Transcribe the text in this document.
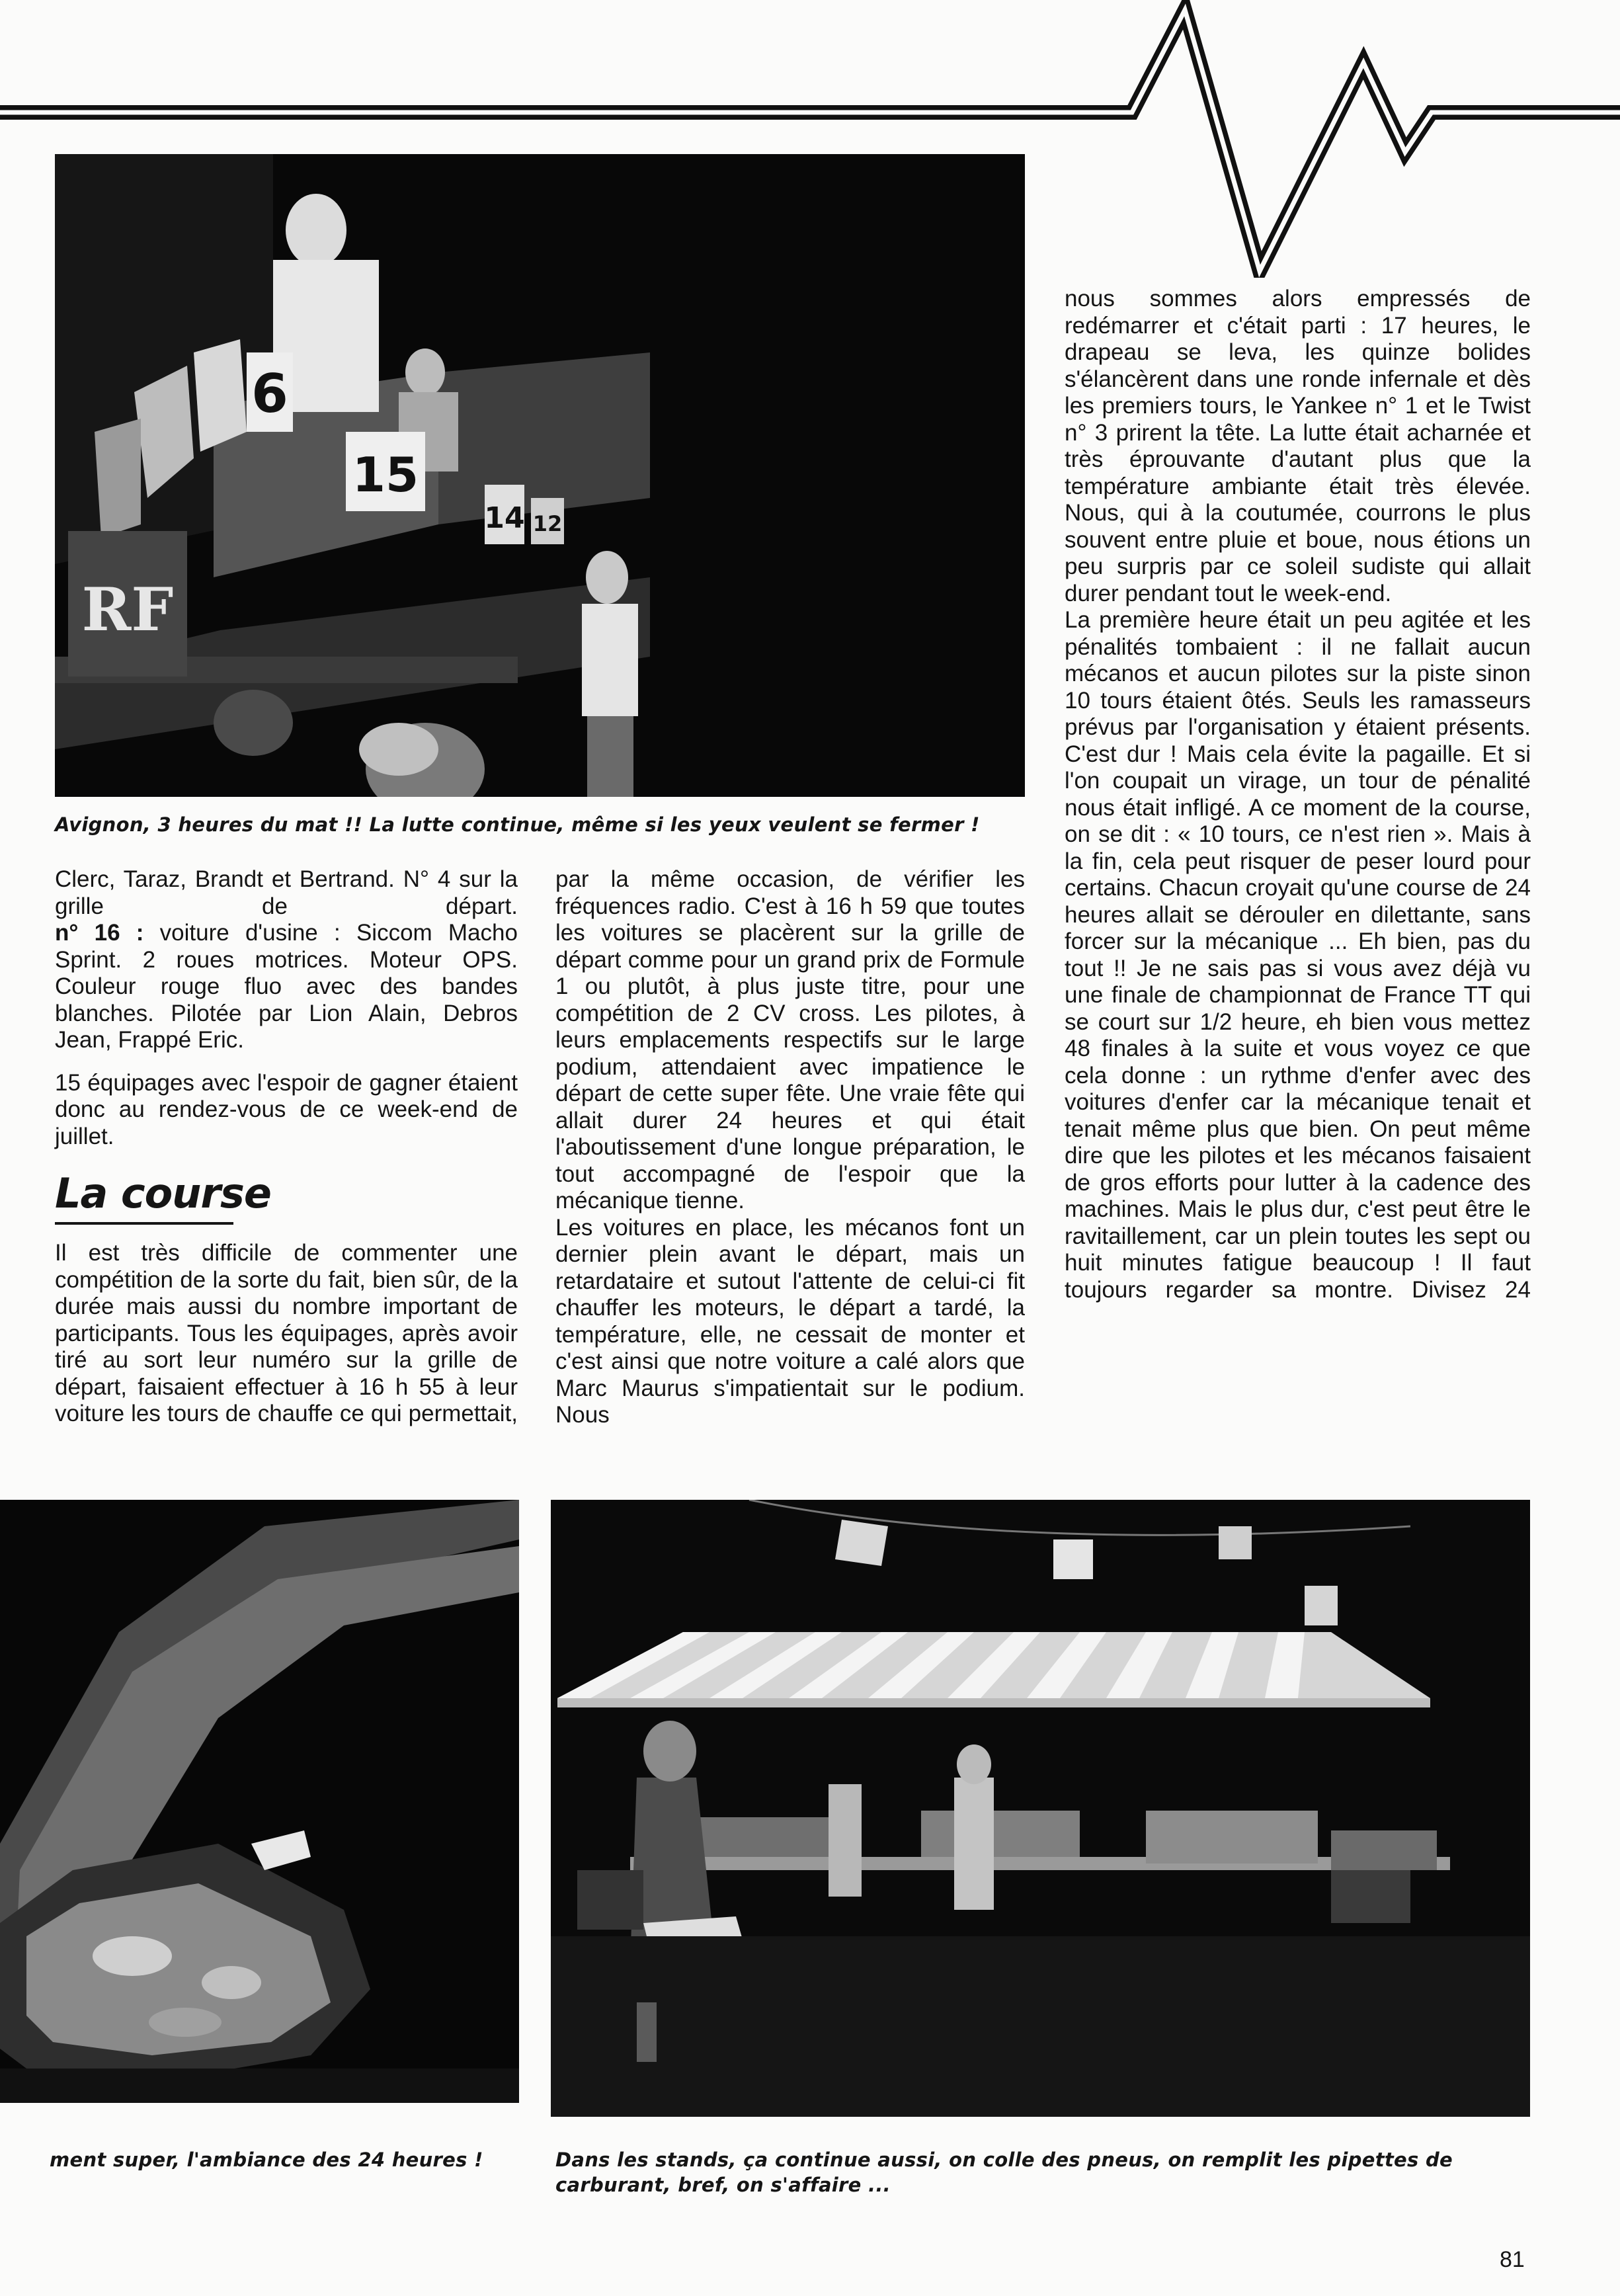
RF
6
15
14 12
Avignon, 3 heures du mat !! La lutte continue, même si les yeux veulent se fermer !

Clerc, Taraz, Brandt et Bertrand. N° 4 sur la grille de départ.

n° 16 : voiture d'usine : Siccom Macho Sprint. 2 roues motrices. Moteur OPS. Couleur rouge fluo avec des bandes blanches. Pilotée par Lion Alain, Debros Jean, Frappé Eric.

15 équipages avec l'espoir de gagner étaient donc au rendez-vous de ce week-end de juillet.

La course

Il est très difficile de commenter une compétition de la sorte du fait, bien sûr, de la durée mais aussi du nombre important de participants. Tous les équipages, après avoir tiré au sort leur numéro sur la grille de départ, faisaient effectuer à 16 h 55 à leur voiture les tours de chauffe ce qui permettait,

par la même occasion, de vérifier les fréquences radio. C'est à 16 h 59 que toutes les voitures se placèrent sur la grille de départ comme pour un grand prix de Formule 1 ou plutôt, à plus juste titre, pour une compétition de 2 CV cross. Les pilotes, à leurs emplacements respectifs sur le large podium, attendaient avec impatience le départ de cette super fête. Une vraie fête qui allait durer 24 heures et qui était l'aboutissement d'une longue préparation, le tout accompagné de l'espoir que la mécanique tienne.

Les voitures en place, les mécanos font un dernier plein avant le départ, mais un retardataire et sutout l'attente de celui-ci fit chauffer les moteurs, le départ a tardé, la température, elle, ne cessait de monter et c'est ainsi que notre voiture a calé alors que Marc Maurus s'impatientait sur le podium. Nous

nous sommes alors empressés de redémarrer et c'était parti : 17 heures, le drapeau se leva, les quinze bolides s'élancèrent dans une ronde infernale et dès les premiers tours, le Yankee n° 1 et le Twist n° 3 prirent la tête. La lutte était acharnée et très éprouvante d'autant plus que la température ambiante était très élevée. Nous, qui à la coutumée, courrons le plus souvent entre pluie et boue, nous étions un peu surpris par ce soleil sudiste qui allait durer pendant tout le week-end.

La première heure était un peu agitée et les pénalités tombaient : il ne fallait aucun mécanos et aucun pilotes sur la piste sinon 10 tours étaient ôtés. Seuls les ramasseurs prévus par l'organisation y étaient présents. C'est dur ! Mais cela évite la pagaille. Et si l'on coupait un virage, un tour de pénalité nous était infligé. A ce moment de la course, on se dit : « 10 tours, ce n'est rien ». Mais à la fin, cela peut risquer de peser lourd pour certains. Chacun croyait qu'une course de 24 heures allait se dérouler en dilettante, sans forcer sur la mécanique ... Eh bien, pas du tout !! Je ne sais pas si vous avez déjà vu une finale de championnat de France TT qui se court sur 1/2 heure, eh bien vous mettez 48 finales à la suite et vous voyez ce que cela donne : un rythme d'enfer avec des voitures d'enfer car la mécanique tenait et tenait même plus que bien. On peut même dire que les pilotes et les mécanos faisaient de gros efforts pour lutter à la cadence des machines. Mais le plus dur, c'est peut être le ravitaillement, car un plein toutes les sept ou huit minutes fatigue beaucoup ! Il faut toujours regarder sa montre. Divisez 24

ment super, l'ambiance des 24 heures !	Dans les stands, ça continue aussi, on colle des pneus, on remplit les pipettes de carburant, bref, on s'affaire ...
81
